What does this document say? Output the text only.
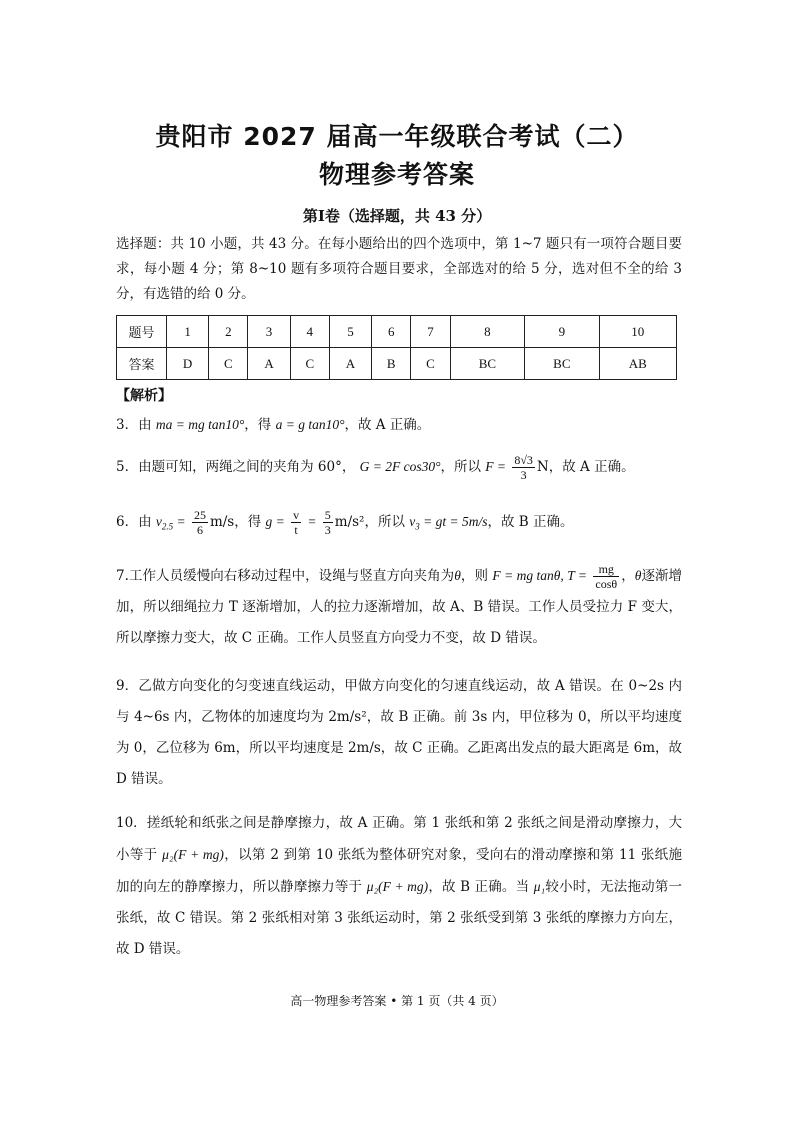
贵阳市 2027 届高一年级联合考试（二）
物理参考答案
第Ⅰ卷（选择题，共 43 分）
选择题：共 10 小题，共 43 分。在每小题给出的四个选项中，第 1~7 题只有一项符合题目要求，每小题 4 分；第 8~10 题有多项符合题目要求，全部选对的给 5 分，选对但不全的给 3 分，有选错的给 0 分。
题号	1	2	3	4	5	6	7	8	9	10
答案	D	C	A	C	A	B	C	BC	BC	AB
【解析】
3．由 ma = mg tan10°，得 a = g tan10°，故 A 正确。
5．由题可知，两绳之间的夹角为 60°， G = 2F cos30°，所以 $F = \frac{8√3}{3}$ N，故 A 正确。
6．由 $v_{2.5} = \frac{25}{6} m/s$，得 $g = \frac{v}{t} = \frac{5}{3} m/s^2$，所以 $v_3$ = gt = 5m/s，故 B 正确。
7.工作人员缓慢向右移动过程中，设绳与竖直方向夹角为θ，则 F = mg tanθ, $T = \frac{mg}{\cos\theta}$ ，θ逐渐增加，所以细绳拉力 T 逐渐增加，人的拉力逐渐增加，故 A、B 错误。工作人员受拉力 F 变大，所以摩擦力变大，故 C 正确。工作人员竖直方向受力不变，故 D 错误。
9．乙做方向变化的匀变速直线运动，甲做方向变化的匀速直线运动，故 A 错误。在 0~2s 内与 4~6s 内，乙物体的加速度均为 2m/s²，故 B 正确。前 3s 内，甲位移为 0，所以平均速度为 0，乙位移为 6m，所以平均速度是 2m/s，故 C 正确。乙距离出发点的最大距离是 6m，故 D 错误。
10．搓纸轮和纸张之间是静摩擦力，故 A 正确。第 1 张纸和第 2 张纸之间是滑动摩擦力，大小等于 μ₂(F + mg)，以第 2 到第 10 张纸为整体研究对象，受向右的滑动摩擦和第 11 张纸施加的向左的静摩擦力，所以静摩擦力等于 μ₂(F + mg)，故 B 正确。当 μ₁较小时，无法拖动第一张纸，故 C 错误。第 2 张纸相对第 3 张纸运动时，第 2 张纸受到第 3 张纸的摩擦力方向左，故 D 错误。
高一物理参考答案 • 第 1 页（共 4 页）
